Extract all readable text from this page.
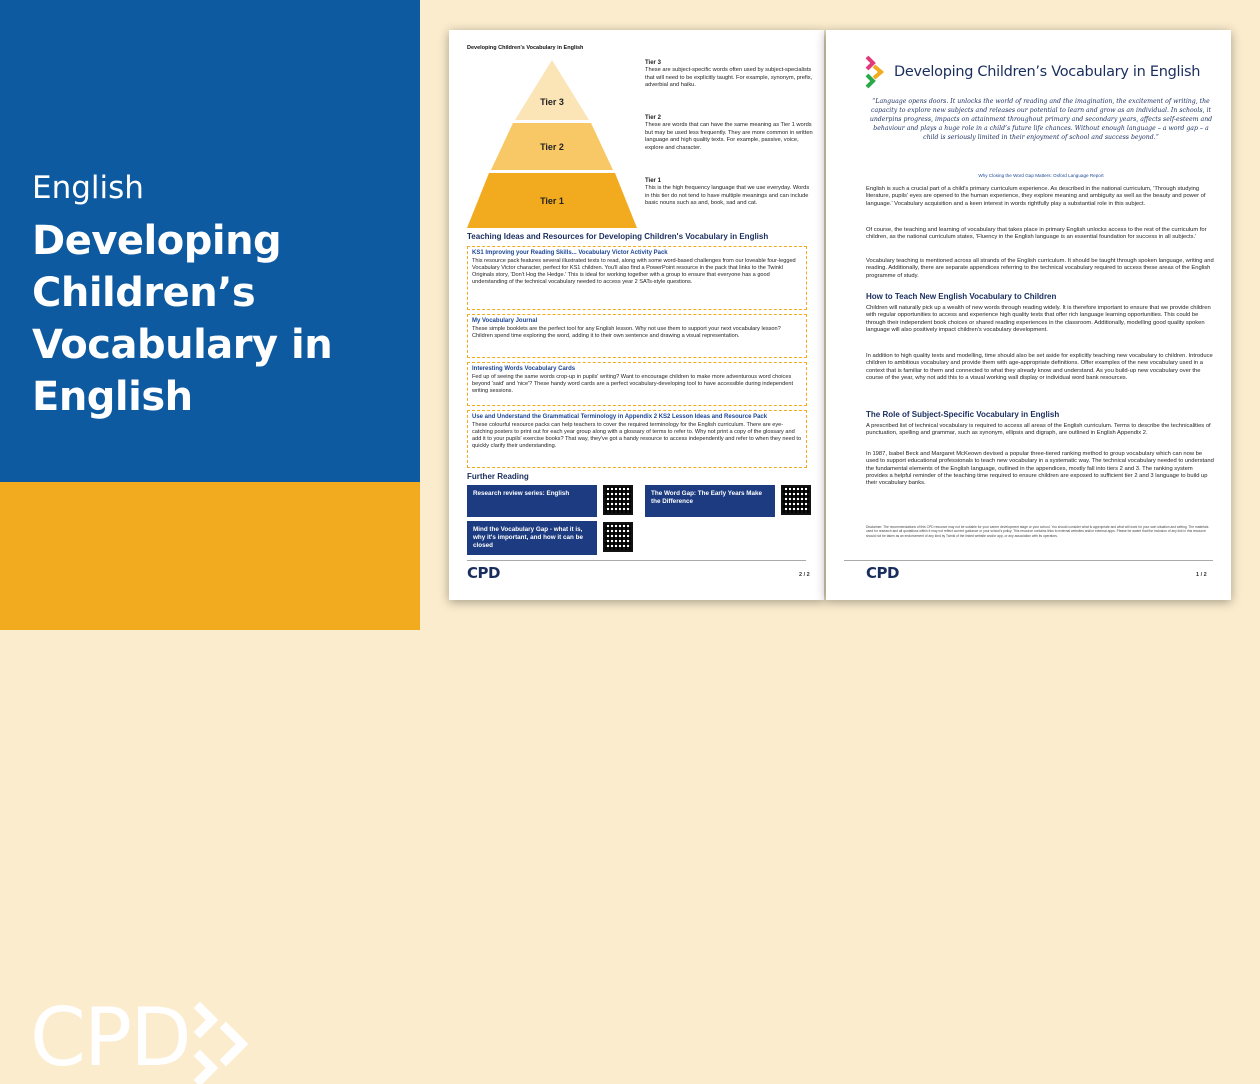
English
Developing Children’s Vocabulary in English
CPD
Developing Children's Vocabulary in English
Tier 3
Tier 2
Tier 1
Tier 3
These are subject-specific words often used by subject-specialists that will need to be explicitly taught. For example, synonym, prefix, adverbial and haiku.
Tier 2
These are words that can have the same meaning as Tier 1 words but may be used less frequently. They are more common in written language and high quality texts. For example, passive, voice, explore and character.
Tier 1
This is the high frequency language that we use everyday. Words in this tier do not tend to have multiple meanings and can include basic nouns such as and, book, sad and cat.
Teaching Ideas and Resources for Developing Children's Vocabulary in English
KS1 Improving your Reading Skills... Vocabulary Victor Activity Pack
This resource pack features several illustrated texts to read, along with some word-based challenges from our loveable four-legged Vocabulary Victor character, perfect for KS1 children. You'll also find a PowerPoint resource in the pack that links to the Twinkl Originals story, 'Don't Hog the Hedge.' This is ideal for working together with a group to ensure that everyone has a good understanding of the technical vocabulary needed to access year 2 SATs-style questions.
My Vocabulary Journal
These simple booklets are the perfect tool for any English lesson. Why not use them to support your next vocabulary lesson? Children spend time exploring the word, adding it to their own sentence and drawing a visual representation.
Interesting Words Vocabulary Cards
Fed up of seeing the same words crop-up in pupils' writing? Want to encourage children to make more adventurous word choices beyond 'said' and 'nice'? These handy word cards are a perfect vocabulary-developing tool to have accessible during independent writing sessions.
Use and Understand the Grammatical Terminology in Appendix 2 KS2 Lesson Ideas and Resource Pack
These colourful resource packs can help teachers to cover the required terminology for the English curriculum. There are eye-catching posters to print out for each year group along with a glossary of terms to refer to. Why not print a copy of the glossary and add it to your pupils' exercise books? That way, they've got a handy resource to access independently and refer to when they need to quickly clarify their understanding.
Further Reading
Research review series: English	The Word Gap: The Early Years Make the Difference
Mind the Vocabulary Gap - what it is, why it's important, and how it can be closed
CPD	2 / 2
Developing Children’s Vocabulary in English
“Language opens doors. It unlocks the world of reading and the imagination, the excitement of writing, the capacity to explore new subjects and releases our potential to learn and grow as an individual. In schools, it underpins progress, impacts on attainment throughout primary and secondary years, affects self-esteem and behaviour and plays a huge role in a child’s future life chances. Without enough language – a word gap – a child is seriously limited in their enjoyment of school and success beyond.”
Why Closing the Word Gap Matters: Oxford Language Report
English is such a crucial part of a child's primary curriculum experience. As described in the national curriculum, 'Through studying literature, pupils' eyes are opened to the human experience, they explore meaning and ambiguity as well as the beauty and power of language.' Vocabulary acquisition and a keen interest in words rightfully play a substantial role in this subject.
Of course, the teaching and learning of vocabulary that takes place in primary English unlocks access to the rest of the curriculum for children, as the national curriculum states, 'Fluency in the English language is an essential foundation for success in all subjects.'
Vocabulary teaching is mentioned across all strands of the English curriculum. It should be taught through spoken language, writing and reading. Additionally, there are separate appendices referring to the technical vocabulary required to access these areas of the English programme of study.
How to Teach New English Vocabulary to Children
Children will naturally pick up a wealth of new words through reading widely. It is therefore important to ensure that we provide children with regular opportunities to access and experience high quality texts that offer rich language learning opportunities. This could be through their independent book choices or shared reading experiences in the classroom. Additionally, modelling good quality spoken language will also positively impact children's vocabulary development.
In addition to high quality texts and modelling, time should also be set aside for explicitly teaching new vocabulary to children. Introduce children to ambitious vocabulary and provide them with age-appropriate definitions. Offer examples of the new vocabulary used in a context that is familiar to them and connected to what they already know and understand. As you build-up new vocabulary over the course of the year, why not add this to a visual working wall display or individual word bank resources.
The Role of Subject-Specific Vocabulary in English
A prescribed list of technical vocabulary is required to access all areas of the English curriculum. Terms to describe the technicalities of punctuation, spelling and grammar, such as synonym, ellipsis and digraph, are outlined in English Appendix 2.
In 1987, Isabel Beck and Margaret McKeown devised a popular three-tiered ranking method to group vocabulary which can now be used to support educational professionals to teach new vocabulary in a systematic way. The technical vocabulary needed to understand the fundamental elements of the English language, outlined in the appendices, mostly fall into tiers 2 and 3. The ranking system provides a helpful reminder of the teaching time required to ensure children are exposed to sufficient tier 2 and 3 language to build up their vocabulary banks.
Disclaimer: The recommendations of this CPD resource may not be suitable for your career development stage or your school. You should consider what is appropriate and what will work for your own situation and setting. The materials used for research and all quotations within it may not reflect current guidance or your school's policy. This resource contains links to external websites and/or external apps. Please be aware that the inclusion of any link in this resource should not be taken as an endorsement of any kind by Twinkl of the linked website and/or app, or any association with its operators.
CPD	1 / 2
